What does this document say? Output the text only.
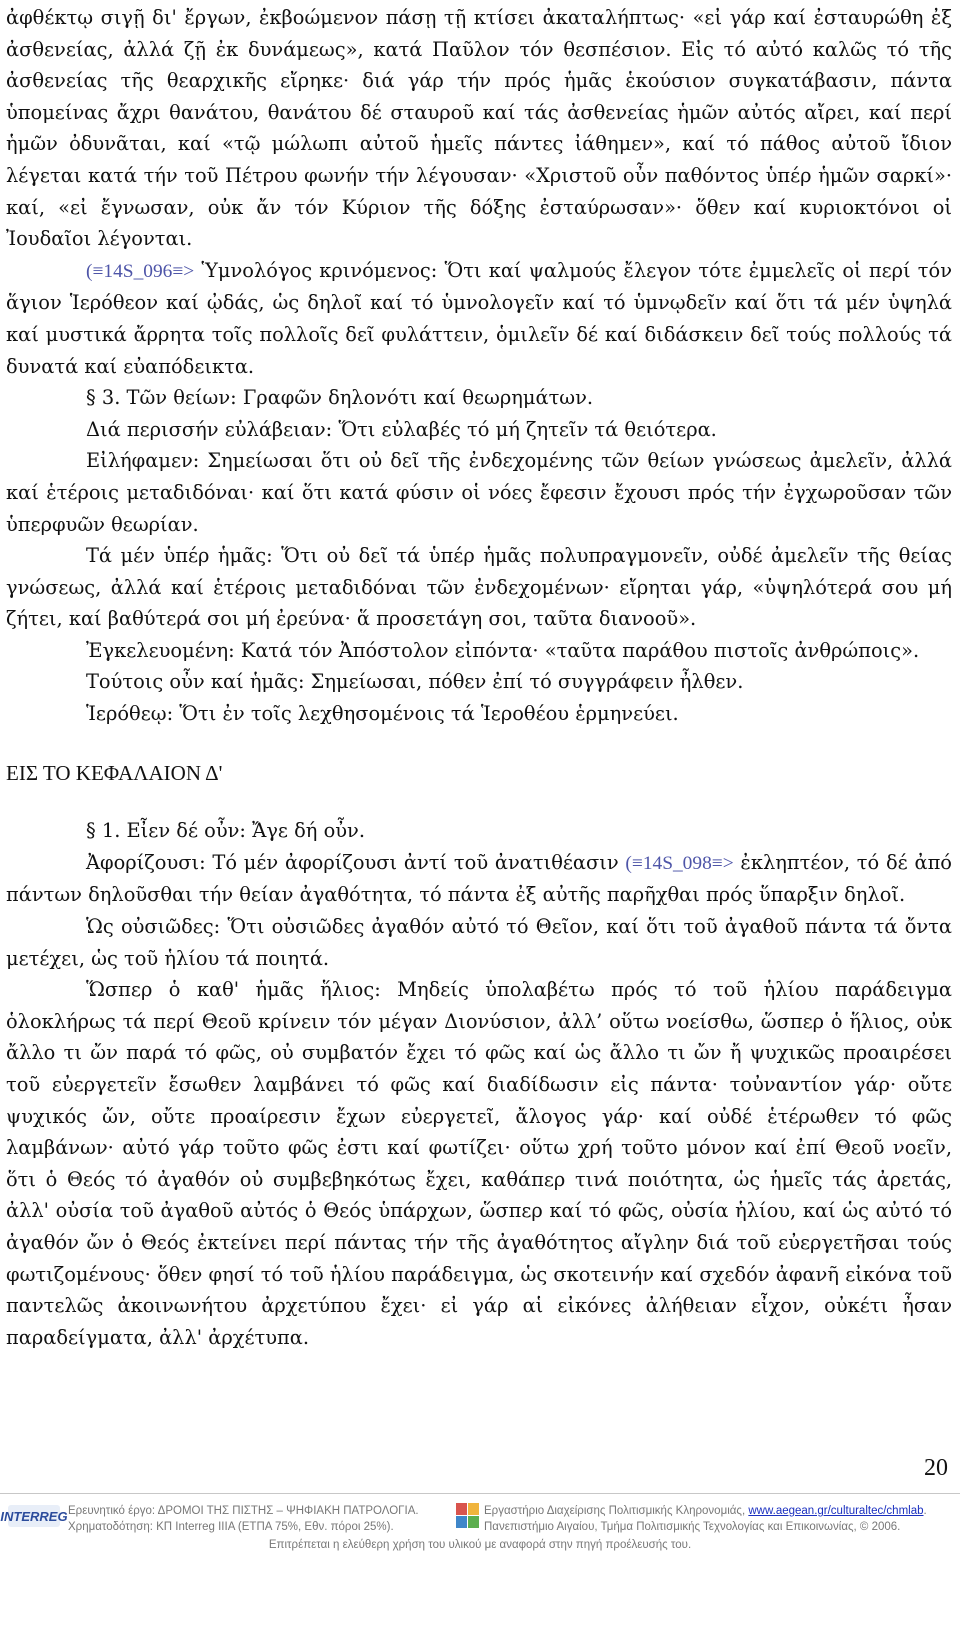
ἀφθέκτῳ σιγῇ δι' ἔργων, ἐκβοώμενον πάσῃ τῇ κτίσει ἀκαταλήπτως· «εἰ γάρ καί ἐσταυρώθη ἐξ ἀσθενείας, ἀλλά ζῇ ἐκ δυνάμεως», κατά Παῦλον τόν θεσπέσιον. Εἰς τό αὐτό καλῶς τό τῆς ἀσθενείας τῆς θεαρχικῆς εἴρηκε· διά γάρ τήν πρός ἡμᾶς ἑκούσιον συγκατάβασιν, πάντα ὑπομείνας ἄχρι θανάτου, θανάτου δέ σταυροῦ καί τάς ἀσθενείας ἡμῶν αὐτός αἴρει, καί περί ἡμῶν ὀδυνᾶται, καί «τῷ μώλωπι αὐτοῦ ἡμεῖς πάντες ἰάθημεν», καί τό πάθος αὐτοῦ ἴδιον λέγεται κατά τήν τοῦ Πέτρου φωνήν τήν λέγουσαν· «Χριστοῦ οὖν παθόντος ὑπέρ ἡμῶν σαρκί»· καί, «εἰ ἔγνωσαν, οὐκ ἄν τόν Κύριον τῆς δόξης ἐσταύρωσαν»· ὅθεν καί κυριοκτόνοι οἱ Ἰουδαῖοι λέγονται.

(≡14S_096≡> Ὑμνολόγος κρινόμενος: Ὅτι καί ψαλμούς ἔλεγον τότε ἐμμελεῖς οἱ περί τόν ἅγιον Ἱερόθεον καί ᾠδάς, ὡς δηλοῖ καί τό ὑμνολογεῖν καί τό ὑμνῳδεῖν καί ὅτι τά μέν ὑψηλά καί μυστικά ἄρρητα τοῖς πολλοῖς δεῖ φυλάττειν, ὁμιλεῖν δέ καί διδάσκειν δεῖ τούς πολλούς τά δυνατά καί εὐαπόδεικτα.

§ 3. Τῶν θείων: Γραφῶν δηλονότι καί θεωρημάτων.

Διά περισσήν εὐλάβειαν: Ὅτι εὐλαβές τό μή ζητεῖν τά θειότερα.

Εἰλήφαμεν: Σημείωσαι ὅτι οὐ δεῖ τῆς ἐνδεχομένης τῶν θείων γνώσεως ἀμελεῖν, ἀλλά καί ἑτέροις μεταδιδόναι· καί ὅτι κατά φύσιν οἱ νόες ἔφεσιν ἔχουσι πρός τήν ἐγχωροῦσαν τῶν ὑπερφυῶν θεωρίαν.

Τά μέν ὑπέρ ἡμᾶς: Ὅτι οὐ δεῖ τά ὑπέρ ἡμᾶς πολυπραγμονεῖν, οὐδέ ἀμελεῖν τῆς θείας γνώσεως, ἀλλά καί ἑτέροις μεταδιδόναι τῶν ἐνδεχομένων· εἴρηται γάρ, «ὑψηλότερά σου μή ζήτει, καί βαθύτερά σοι μή ἐρεύνα· ἅ προσετάγη σοι, ταῦτα διανοοῦ».

Ἐγκελευομένη: Κατά τόν Ἀπόστολον εἰπόντα· «ταῦτα παράθου πιστοῖς ἀνθρώποις».

Τούτοις οὖν καί ἡμᾶς: Σημείωσαι, πόθεν ἐπί τό συγγράφειν ἦλθεν.

Ἱερόθεῳ: Ὅτι ἐν τοῖς λεχθησομένοις τά Ἱεροθέου ἑρμηνεύει.

ΕΙΣ ΤΟ ΚΕΦΑΛΑΙΟΝ Δ'

§ 1. Εἶεν δέ οὖν: Ἄγε δή οὖν.

Ἀφορίζουσι: Τό μέν ἀφορίζουσι ἀντί τοῦ ἀνατιθέασιν (≡14S_098≡> ἐκληπτέον, τό δέ ἀπό πάντων δηλοῦσθαι τήν θείαν ἀγαθότητα, τό πάντα ἐξ αὐτῆς παρῆχθαι πρός ὕπαρξιν δηλοῖ.

Ὡς οὐσιῶδες: Ὅτι οὐσιῶδες ἀγαθόν αὐτό τό Θεῖον, καί ὅτι τοῦ ἀγαθοῦ πάντα τά ὄντα μετέχει, ὡς τοῦ ἡλίου τά ποιητά.

Ὥσπερ ὁ καθ' ἡμᾶς ἥλιος: Μηδείς ὑπολαβέτω πρός τό τοῦ ἡλίου παράδειγμα ὁλοκλήρως τά περί Θεοῦ κρίνειν τόν μέγαν Διονύσιον, ἀλλ’ οὕτω νοείσθω, ὥσπερ ὁ ἥλιος, οὐκ ἄλλο τι ὤν παρά τό φῶς, οὐ συμβατόν ἔχει τό φῶς καί ὡς ἄλλο τι ὤν ἤ ψυχικῶς προαιρέσει τοῦ εὐεργετεῖν ἔσωθεν λαμβάνει τό φῶς καί διαδίδωσιν εἰς πάντα· τοὐναντίον γάρ· οὔτε ψυχικός ὤν, οὔτε προαίρεσιν ἔχων εὐεργετεῖ, ἄλογος γάρ· καί οὐδέ ἑτέρωθεν τό φῶς λαμβάνων· αὐτό γάρ τοῦτο φῶς ἐστι καί φωτίζει· οὕτω χρή τοῦτο μόνον καί ἐπί Θεοῦ νοεῖν, ὅτι ὁ Θεός τό ἀγαθόν οὐ συμβεβηκότως ἔχει, καθάπερ τινά ποιότητα, ὡς ἡμεῖς τάς ἀρετάς, ἀλλ' οὐσία τοῦ ἀγαθοῦ αὐτός ὁ Θεός ὑπάρχων, ὥσπερ καί τό φῶς, οὐσία ἡλίου, καί ὡς αὐτό τό ἀγαθόν ὤν ὁ Θεός ἐκτείνει περί πάντας τήν τῆς ἀγαθότητος αἴγλην διά τοῦ εὐεργετῆσαι τούς φωτιζομένους· ὅθεν φησί τό τοῦ ἡλίου παράδειγμα, ὡς σκοτεινήν καί σχεδόν ἀφανῆ εἰκόνα τοῦ παντελῶς ἀκοινωνήτου ἀρχετύπου ἔχει· εἰ γάρ αἱ εἰκόνες ἀλήθειαν εἶχον, οὐκέτι ἦσαν παραδείγματα, ἀλλ' ἀρχέτυπα.

20
INTERREG Ερευνητικό έργο: ΔΡΟΜΟΙ ΤΗΣ ΠΙΣΤΗΣ – ΨΗΦΙΑΚΗ ΠΑΤΡΟΛΟΓΙΑ.
Χρηματοδότηση: ΚΠ Interreg IIIA (ΕΤΠΑ 75%, Εθν. πόροι 25%).
Εργαστήριο Διαχείρισης Πολιτισμικής Κληρονομιάς, www.aegean.gr/culturaltec/chmlab.
Πανεπιστήμιο Αιγαίου, Τμήμα Πολιτισμικής Τεχνολογίας και Επικοινωνίας, © 2006.
Επιτρέπεται η ελεύθερη χρήση του υλικού με αναφορά στην πηγή προέλευσής του.
